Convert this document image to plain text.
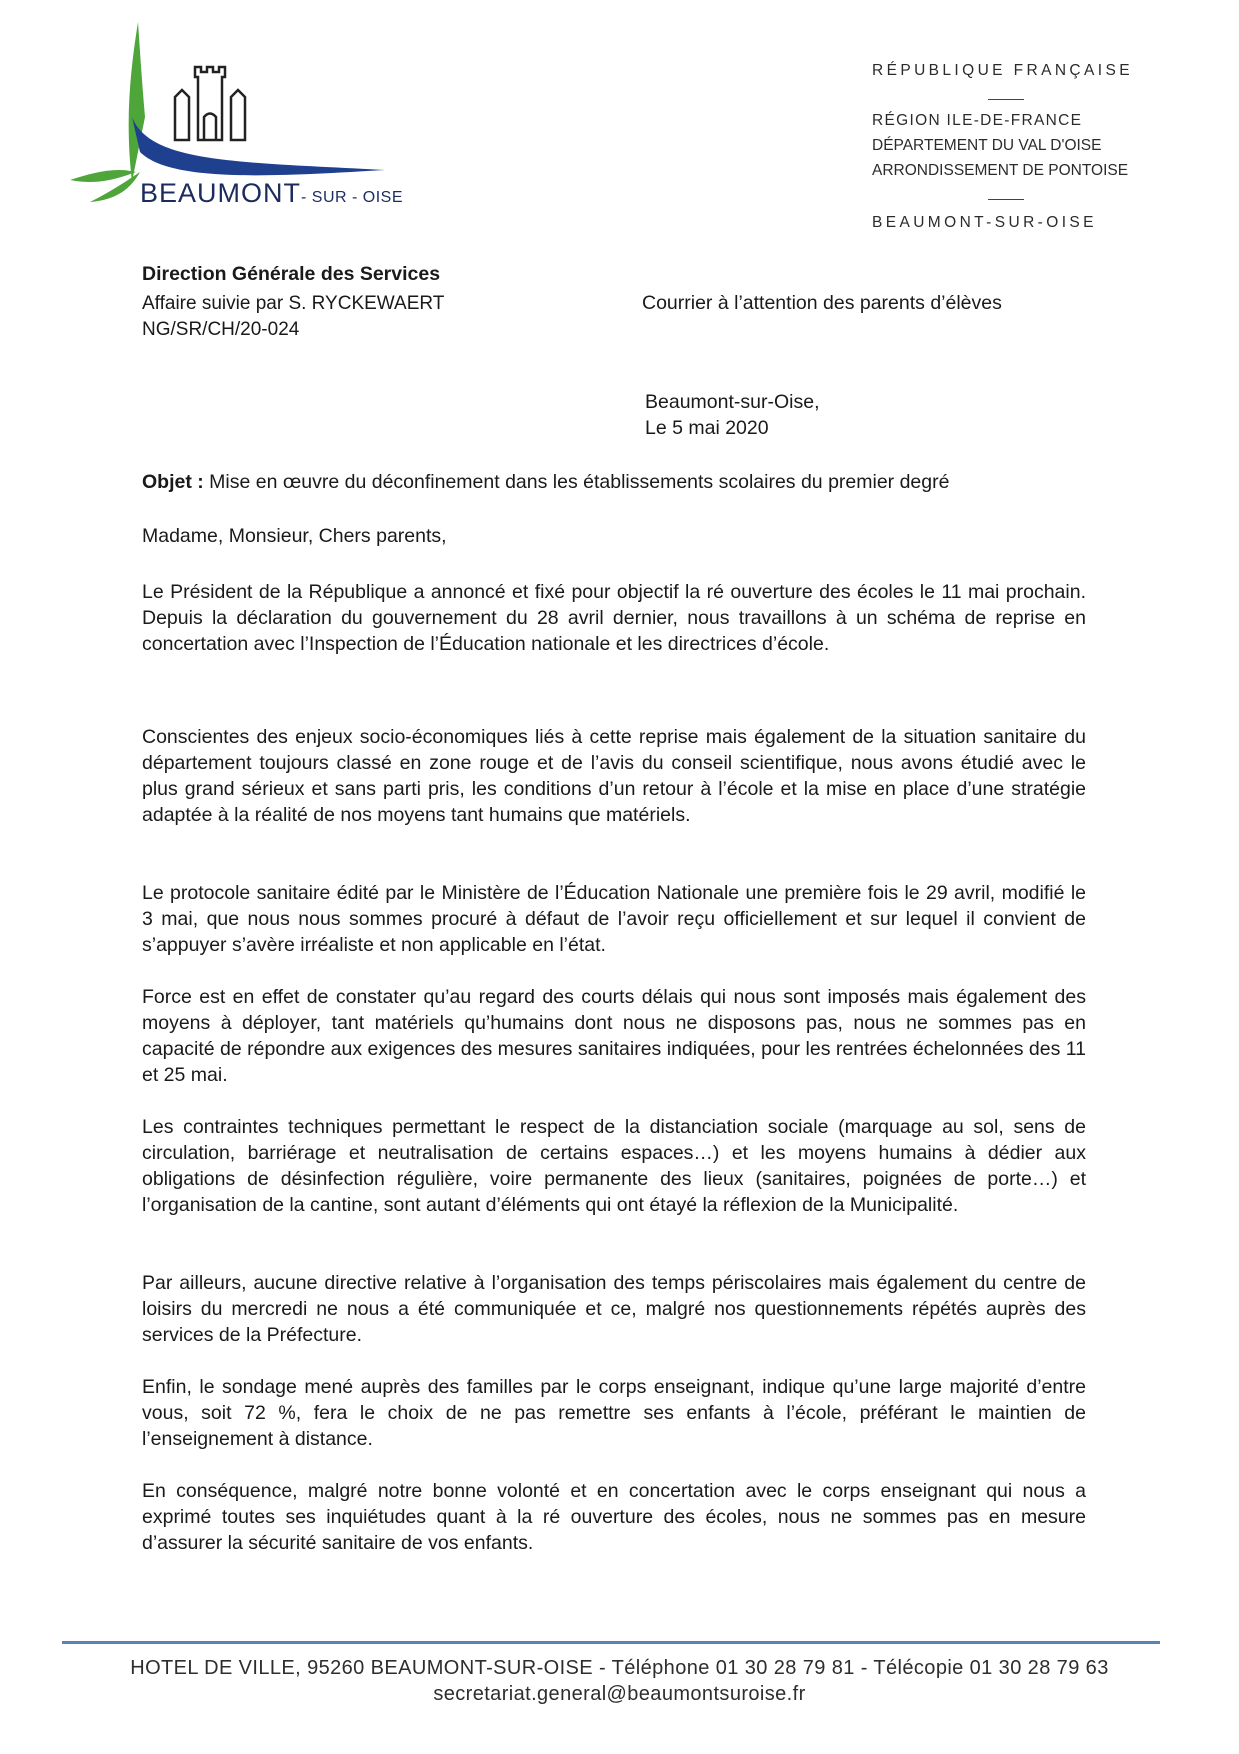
BEAUMONT- SUR - OISE
RÉPUBLIQUE FRANÇAISE
RÉGION ILE-DE-FRANCE
DÉPARTEMENT DU VAL D'OISE
ARRONDISSEMENT DE PONTOISE
BEAUMONT-SUR-OISE
Direction Générale des Services
Affaire suivie par S. RYCKEWAERT
NG/SR/CH/20-024
Courrier à l’attention des parents d’élèves
Beaumont-sur-Oise,
Le 5 mai 2020
Objet : Mise en œuvre du déconfinement dans les établissements scolaires du premier degré
Madame, Monsieur, Chers parents,
Le Président de la République a annoncé et fixé pour objectif la ré ouverture des écoles le 11 mai prochain. Depuis la déclaration du gouvernement du 28 avril dernier, nous travaillons à un schéma de reprise en concertation avec l’Inspection de l’Éducation nationale et les directrices d’école.
Conscientes des enjeux socio-économiques liés à cette reprise mais également de la situation sanitaire du département toujours classé en zone rouge et de l’avis du conseil scientifique, nous avons étudié avec le plus grand sérieux et sans parti pris, les conditions d’un retour à l’école et la mise en place d’une stratégie adaptée à la réalité de nos moyens tant humains que matériels.
Le protocole sanitaire édité par le Ministère de l’Éducation Nationale une première fois le 29 avril, modifié le 3 mai, que nous nous sommes procuré à défaut de l’avoir reçu officiellement et sur lequel il convient de s’appuyer s’avère irréaliste et non applicable en l’état.
Force est en effet de constater qu’au regard des courts délais qui nous sont imposés mais également des moyens à déployer, tant matériels qu’humains dont nous ne disposons pas, nous ne sommes pas en capacité de répondre aux exigences des mesures sanitaires indiquées, pour les rentrées échelonnées des 11 et 25 mai.
Les contraintes techniques permettant le respect de la distanciation sociale (marquage au sol, sens de circulation, barriérage et neutralisation de certains espaces…) et les moyens humains à dédier aux obligations de désinfection régulière, voire permanente des lieux (sanitaires, poignées de porte…) et l’organisation de la cantine, sont autant d’éléments qui ont étayé la réflexion de la Municipalité.
Par ailleurs, aucune directive relative à l’organisation des temps périscolaires mais également du centre de loisirs du mercredi ne nous a été communiquée et ce, malgré nos questionnements répétés auprès des services de la Préfecture.
Enfin, le sondage mené auprès des familles par le corps enseignant, indique qu’une large majorité d’entre vous, soit 72 %, fera le choix de ne pas remettre ses enfants à l’école, préférant le maintien de l’enseignement à distance.
En conséquence, malgré notre bonne volonté et en concertation avec le corps enseignant qui nous a exprimé toutes ses inquiétudes quant à la ré ouverture des écoles, nous ne sommes pas en mesure d’assurer la sécurité sanitaire de vos enfants.
HOTEL DE VILLE, 95260 BEAUMONT-SUR-OISE - Téléphone 01 30 28 79 81 - Télécopie 01 30 28 79 63
secretariat.general@beaumontsuroise.fr
